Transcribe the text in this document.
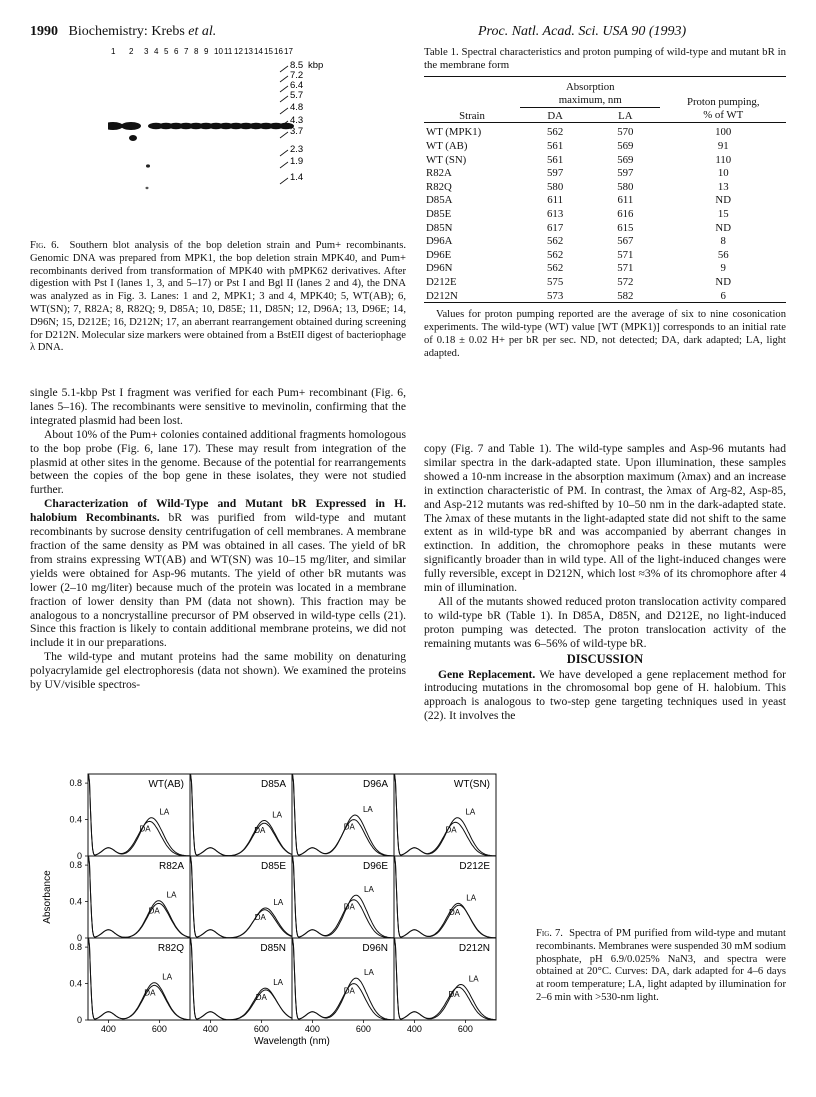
1990 Biochemistry: Krebs et al.	Proc. Natl. Acad. Sci. USA 90 (1993)
1 2 3 4 5 6 7 8 9 10 11 12 13 14 15 16 17
8.5
7.2
6.4
5.7
4.8
4.3
3.7
2.3
1.9
1.4
kbp
Fig. 6. Southern blot analysis of the bop deletion strain and Pum+ recombinants. Genomic DNA was prepared from MPK1, the bop deletion strain MPK40, and Pum+ recombinants derived from transformation of MPK40 with pMPK62 derivatives. After digestion with Pst I (lanes 1, 3, and 5–17) or Pst I and Bgl II (lanes 2 and 4), the DNA was analyzed as in Fig. 3. Lanes: 1 and 2, MPK1; 3 and 4, MPK40; 5, WT(AB); 6, WT(SN); 7, R82A; 8, R82Q; 9, D85A; 10, D85E; 11, D85N; 12, D96A; 13, D96E; 14, D96N; 15, D212E; 16, D212N; 17, an aberrant rearrangement obtained during screening for D212N. Molecular size markers were obtained from a BstEII digest of bacteriophage λ DNA.

single 5.1-kbp Pst I fragment was verified for each Pum+ recombinant (Fig. 6, lanes 5–16). The recombinants were sensitive to mevinolin, confirming that the integrated plasmid had been lost.

About 10% of the Pum+ colonies contained additional fragments homologous to the bop probe (Fig. 6, lane 17). These may result from integration of the plasmid at other sites in the genome. Because of the potential for rearrangements between the copies of the bop gene in these isolates, they were not studied further.

Characterization of Wild-Type and Mutant bR Expressed in H. halobium Recombinants. bR was purified from wild-type and mutant recombinants by sucrose density centrifugation of cell membranes. A membrane fraction of the same density as PM was obtained in all cases. The yield of bR from strains expressing WT(AB) and WT(SN) was 10–15 mg/liter, and similar yields were obtained for Asp-96 mutants. The yield of other bR mutants was lower (2–10 mg/liter) because much of the protein was located in a membrane fraction of lower density than PM (data not shown). This fraction may be analogous to a noncrystalline precursor of PM observed in wild-type cells (21). Since this fraction is likely to contain additional membrane proteins, we did not include it in our preparations.

The wild-type and mutant proteins had the same mobility on denaturing polyacrylamide gel electrophoresis (data not shown). We examined the proteins by UV/visible spectros-

Table 1. Spectral characteristics and proton pumping of wild-type and mutant bR in the membrane form

	Absorption maximum, nm		Proton pumping, % of WT

Strain	DA	LA	
WT (MPK1)	562	570	100
WT (AB)	561	569	91
WT (SN)	561	569	110
R82A	597	597	10
R82Q	580	580	13
D85A	611	611	ND
D85E	613	616	15
D85N	617	615	ND
D96A	562	567	8
D96E	562	571	56
D96N	562	571	9
D212E	575	572	ND
D212N	573	582	6
Values for proton pumping reported are the average of six to nine cosonication experiments. The wild-type (WT) value [WT (MPK1)] corresponds to an initial rate of 0.18 ± 0.02 H+ per bR per sec. ND, not detected; DA, dark adapted; LA, light adapted.

copy (Fig. 7 and Table 1). The wild-type samples and Asp-96 mutants had similar spectra in the dark-adapted state. Upon illumination, these samples showed a 10-nm increase in the absorption maximum (λmax) and an increase in extinction characteristic of PM. In contrast, the λmax of Arg-82, Asp-85, and Asp-212 mutants was red-shifted by 10–50 nm in the dark-adapted state. The λmax of these mutants in the light-adapted state did not shift to the same extent as in wild-type bR and was accompanied by aberrant changes in extinction. In addition, the chromophore peaks in these mutants were significantly broader than in wild type. All of the light-induced changes were fully reversible, except in D212N, which lost ≈3% of its chromophore after 4 min of illumination.

All of the mutants showed reduced proton translocation activity compared to wild-type bR (Table 1). In D85A, D85N, and D212E, no light-induced proton pumping was detected. The proton translocation activity of the remaining mutants was 6–56% of wild-type bR.

DISCUSSION

Gene Replacement. We have developed a gene replacement method for introducing mutations in the chromosomal bop gene of H. halobium. This approach is analogous to two-step gene targeting techniques used in yeast (22). It involves the

Absorbance
0.8
0.4
0
0.8
0.4
0
0.8
0.4
0
400	600	400	600	400	600	400	600
Wavelength (nm)
WT(AB)
LA
DA
D85A
LA
DA
D96A
LA
DA
WT(SN)
LA
DA
R82A
LA
DA
D85E
LA
DA
D96E
LA
DA
D212E
LA
DA
R82Q
LA
DA
D85N
LA
DA
D96N
LA
DA
D212N
LA
DA
Fig. 7. Spectra of PM purified from wild-type and mutant recombinants. Membranes were suspended 30 mM sodium phosphate, pH 6.9/0.025% NaN3, and spectra were obtained at 20°C. Curves: DA, dark adapted for 4–6 days at room temperature; LA, light adapted by illumination for 2–6 min with >530-nm light.
